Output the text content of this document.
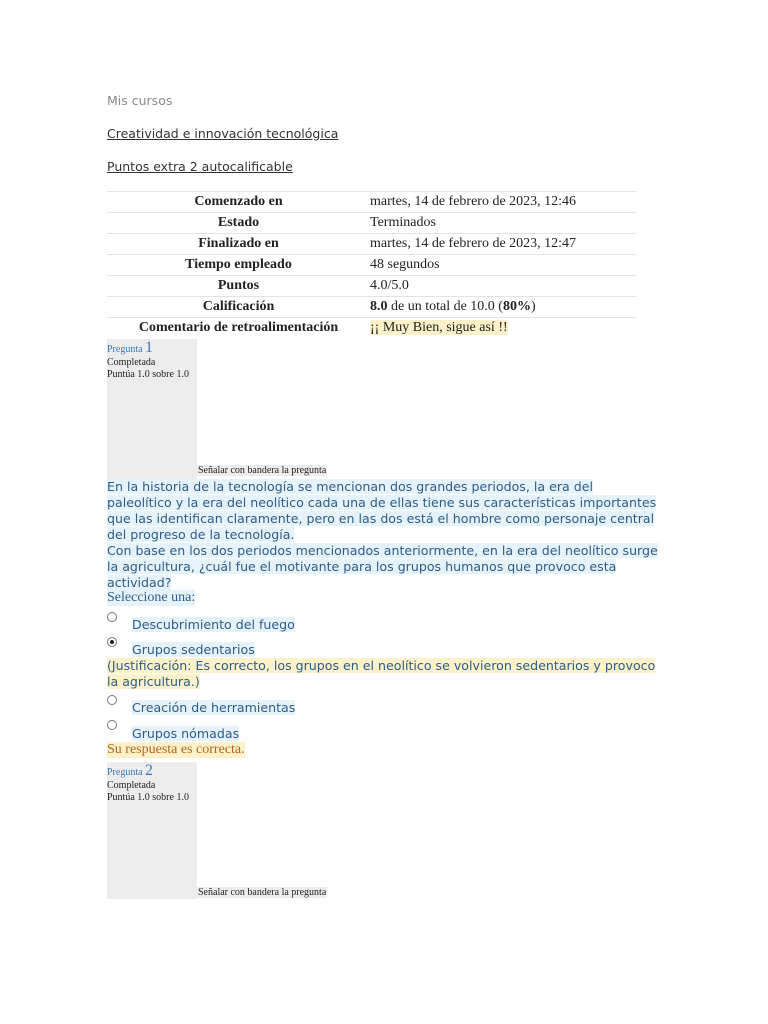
Mis cursos
Creatividad e innovación tecnológica
Puntos extra 2 autocalificable
Comenzado en	martes, 14 de febrero de 2023, 12:46
Estado	Terminados
Finalizado en	martes, 14 de febrero de 2023, 12:47
Tiempo empleado	48 segundos
Puntos	4.0/5.0
Calificación	8.0 de un total de 10.0 (80%)
Comentario de retroalimentación	¡¡ Muy Bien, sigue así !!
Pregunta 1
Completada
Puntúa 1.0 sobre 1.0
Señalar con bandera la pregunta
En la historia de la tecnología se mencionan dos grandes periodos, la era del paleolítico y la era del neolítico cada una de ellas tiene sus características importantes que las identifican claramente, pero en las dos está el hombre como personaje central del progreso de la tecnología.
Con base en los dos periodos mencionados anteriormente, en la era del neolítico surge la agricultura, ¿cuál fue el motivante para los grupos humanos que provoco esta actividad?
Seleccione una:
Descubrimiento del fuego
Grupos sedentarios
(Justificación: Es correcto, los grupos en el neolítico se volvieron sedentarios y provoco la agricultura.)
Creación de herramientas
Grupos nómadas
Su respuesta es correcta.
Pregunta 2
Completada
Puntúa 1.0 sobre 1.0
Señalar con bandera la pregunta
